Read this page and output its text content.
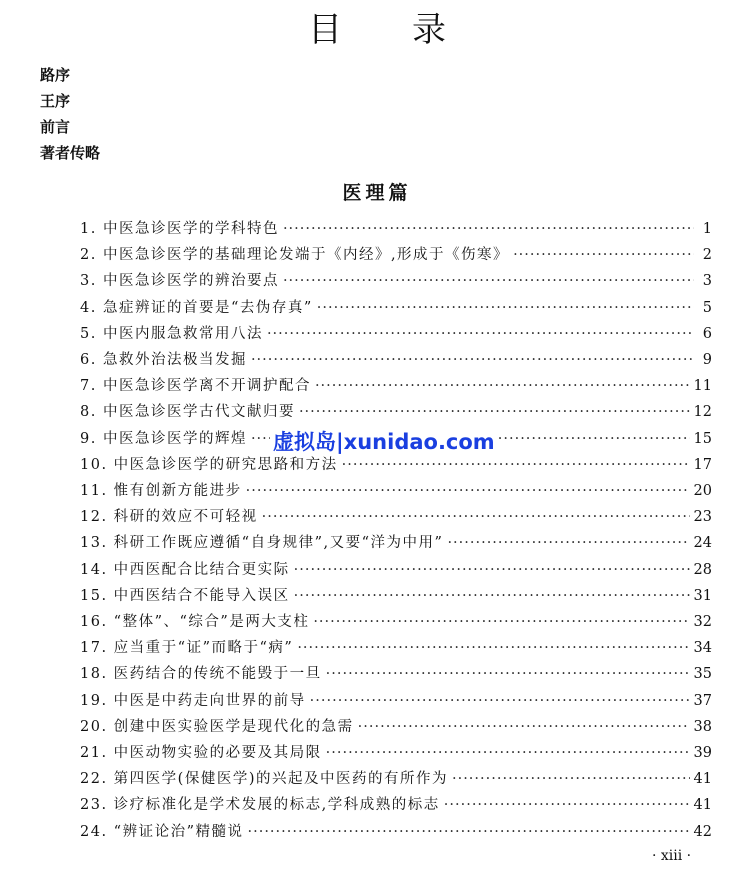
目录
路序
王序
前言
著者传略
医理篇
1. 中医急诊医学的学科特色 ·····	1
2. 中医急诊医学的基础理论发端于《内经》,形成于《伤寒》 ·····	2
3. 中医急诊医学的辨治要点 ·····	3
4. 急症辨证的首要是“去伪存真” ·····	5
5. 中医内服急救常用八法 ·····	6
6. 急救外治法极当发掘 ·····	9
7. 中医急诊医学离不开调护配合 ·····	11
8. 中医急诊医学古代文献归要 ·····	12
9. 中医急诊医学的辉煌 ·····	15
10. 中医急诊医学的研究思路和方法 ·····	17
11. 惟有创新方能进步 ·····	20
12. 科研的效应不可轻视 ·····	23
13. 科研工作既应遵循“自身规律”,又要“洋为中用” ·····	24
14. 中西医配合比结合更实际 ·····	28
15. 中西医结合不能导入误区 ·····	31
16. “整体”、“综合”是两大支柱 ·····	32
17. 应当重于“证”而略于“病” ·····	34
18. 医药结合的传统不能毁于一旦 ·····	35
19. 中医是中药走向世界的前导 ·····	37
20. 创建中医实验医学是现代化的急需 ·····	38
21. 中医动物实验的必要及其局限 ·····	39
22. 第四医学(保健医学)的兴起及中医药的有所作为 ·····	41
23. 诊疗标准化是学术发展的标志,学科成熟的标志 ·····	41
24. “辨证论治”精髓说 ·····	42
虚拟岛|xunidao.com
· xiii ·
